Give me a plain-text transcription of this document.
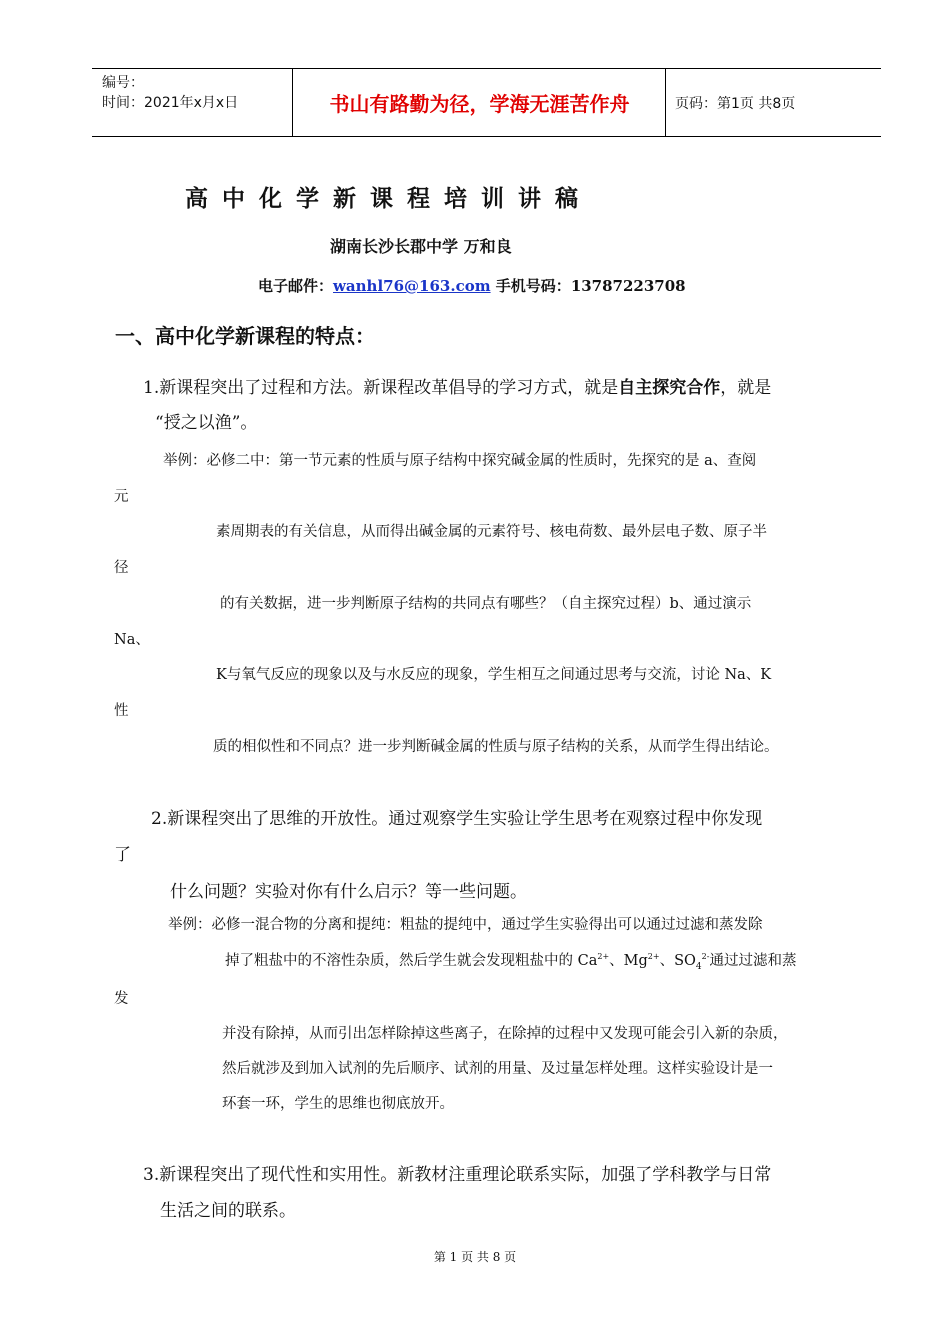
编号：
时间：2021年x月x日	书山有路勤为径，学海无涯苦作舟	页码：第1页 共8页
高中化学新课程培训讲稿
湖南长沙长郡中学 万和良
电子邮件：wanhl76@163.com 手机号码：13787223708
一、高中化学新课程的特点：
1.新课程突出了过程和方法。新课程改革倡导的学习方式，就是自主探究合作，就是
“授之以渔”。
举例：必修二中：第一节元素的性质与原子结构中探究碱金属的性质时，先探究的是 a、查阅
元
素周期表的有关信息，从而得出碱金属的元素符号、核电荷数、最外层电子数、原子半
径
的有关数据，进一步判断原子结构的共同点有哪些？（自主探究过程）b、通过演示
Na、
K与氧气反应的现象以及与水反应的现象，学生相互之间通过思考与交流，讨论 Na、K
性
质的相似性和不同点？进一步判断碱金属的性质与原子结构的关系，从而学生得出结论。
2.新课程突出了思维的开放性。通过观察学生实验让学生思考在观察过程中你发现
了
什么问题？实验对你有什么启示？等一些问题。
举例：必修一混合物的分离和提纯：粗盐的提纯中，通过学生实验得出可以通过过滤和蒸发除
掉了粗盐中的不溶性杂质，然后学生就会发现粗盐中的 $Ca^{2+}$、$Mg^{2+}$、$SO_4^{2-}$通过过滤和蒸
发
并没有除掉，从而引出怎样除掉这些离子，在除掉的过程中又发现可能会引入新的杂质，
然后就涉及到加入试剂的先后顺序、试剂的用量、及过量怎样处理。这样实验设计是一
环套一环，学生的思维也彻底放开。
3.新课程突出了现代性和实用性。新教材注重理论联系实际，加强了学科教学与日常
生活之间的联系。
第 1 页 共 8 页
